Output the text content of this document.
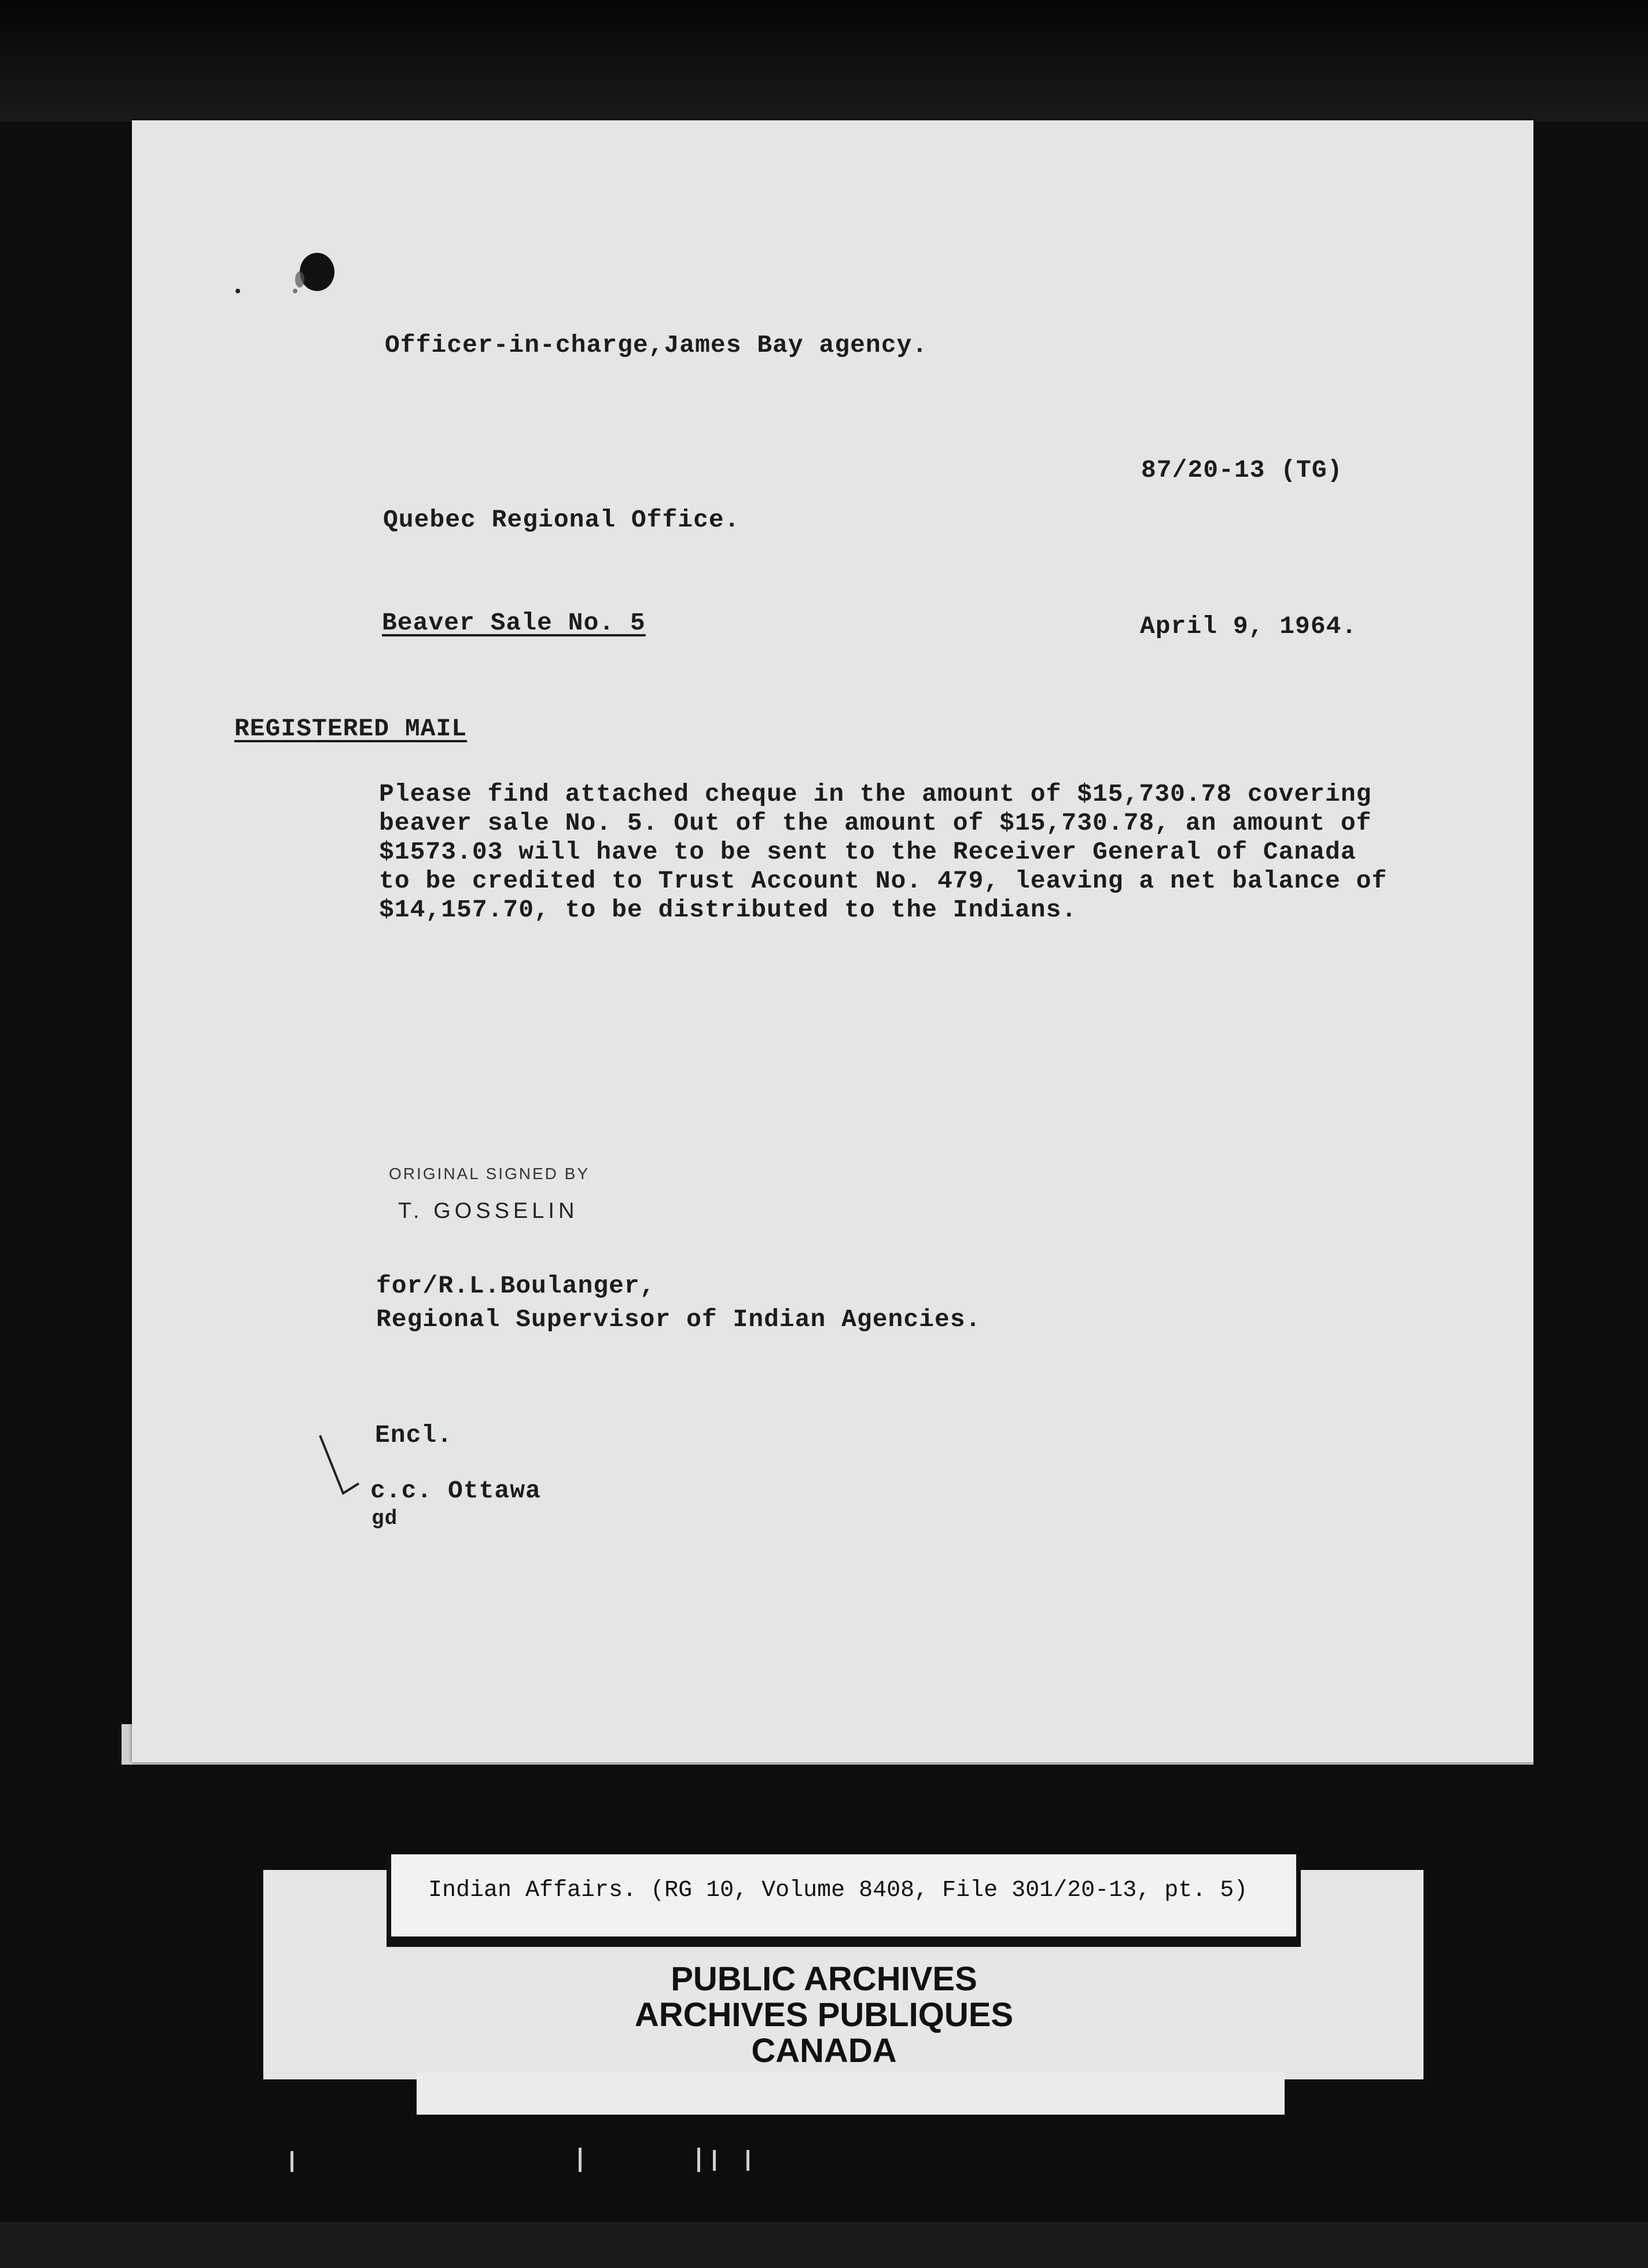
Officer-in-charge,James Bay agency.
87/20-13 (TG)
Quebec Regional Office.
Beaver Sale No. 5	April 9, 1964.
REGISTERED MAIL
Please find attached cheque in the amount of $15,730.78 covering
beaver sale No. 5. Out of the amount of $15,730.78, an amount of
$1573.03 will have to be sent to the Receiver General of Canada
to be credited to Trust Account No. 479, leaving a net balance of
$14,157.70, to be distributed to the Indians.
ORIGINAL SIGNED BY
T. GOSSELIN
for/R.L.Boulanger,
Regional Supervisor of Indian Agencies.
Encl.
c.c. Ottawa
gd
Indian Affairs. (RG 10, Volume 8408, File 301/20-13, pt. 5)
PUBLIC ARCHIVES
ARCHIVES PUBLIQUES
CANADA
